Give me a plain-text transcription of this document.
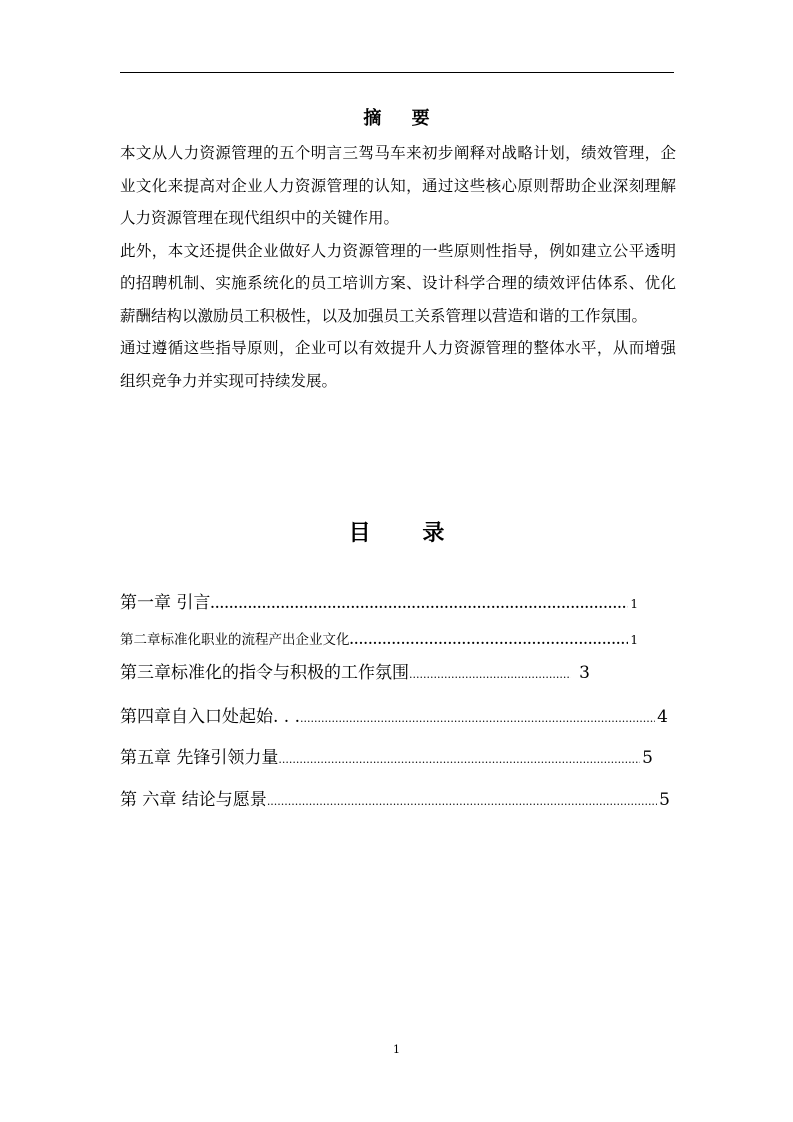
摘 要

本文从人力资源管理的五个明言三驾马车来初步阐释对战略计划，绩效管理，企业文化来提高对企业人力资源管理的认知，通过这些核心原则帮助企业深刻理解人力资源管理在现代组织中的关键作用。

此外，本文还提供企业做好人力资源管理的一些原则性指导，例如建立公平透明的招聘机制、实施系统化的员工培训方案、设计科学合理的绩效评估体系、优化薪酬结构以激励员工积极性，以及加强员工关系管理以营造和谐的工作氛围。

通过遵循这些指导原则，企业可以有效提升人力资源管理的整体水平，从而增强组织竞争力并实现可持续发展。

目 录
第一章 引言 .....	1
第二章标准化职业的流程产出企业文化 .....	1
第三章标准化的指令与积极的工作氛围 .....	3
第四章自入口处起始. . . .....	4
第五章 先锋引领力量 .....	5
第 六章 结论与愿景 .....	5
1
